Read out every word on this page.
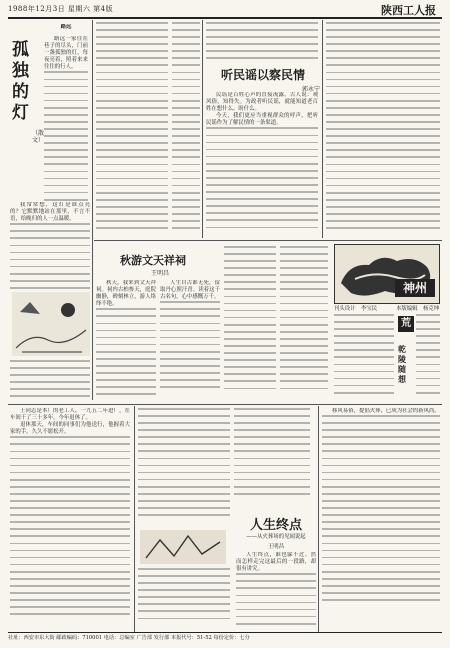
1988年12月3日 星期六 第4版	陕西工人报
孤独的灯
（散文）

路远

路远一家住在巷子的尽头，门前一盏孤独的灯，每夜亮着，照着来来往往的行人。

我常常想，这灯是谁点亮的？它默默地站在那里，不言不语，给晚归的人一点温暖。

听民谣以察民情
郭永宁

民谣是百姓心声的直接流露，古人说：观风俗，知得失。为政者听民谣，就能知道老百姓在想什么、盼什么。

今天，我们更应当重视群众的呼声，把听民谣作为了解民情的一条渠道。

秋游文天祥祠
王明昌

秋天，我来到文天祥祠。祠内古柏参天，庭院幽静，碑刻林立，游人络绎不绝。

人生自古谁无死，留取丹心照汗青。读着这千古名句，心中感慨万千。

神州
刊头设计　李宝民	本版编辑　杨克坤
荒
乾陵随想

王同志是本厂的老工人，一九五二年进厂，在车间干了三十多年，今年退休了。

退休那天，车间的同事们为他送行，他握着大家的手，久久不愿松开。

人生终点
——从火葬场的见闻说起
王明昌

人生终点，谁也躲不过。然而怎样走完这最后的一段路，却很有讲究。

移风易俗，提倡火葬，已成为社会的新风尚。

社址：西安市东大街 邮政编码：710001 电话：总编室 广告部 发行部 本报代号：51-52 每份定价：七分
